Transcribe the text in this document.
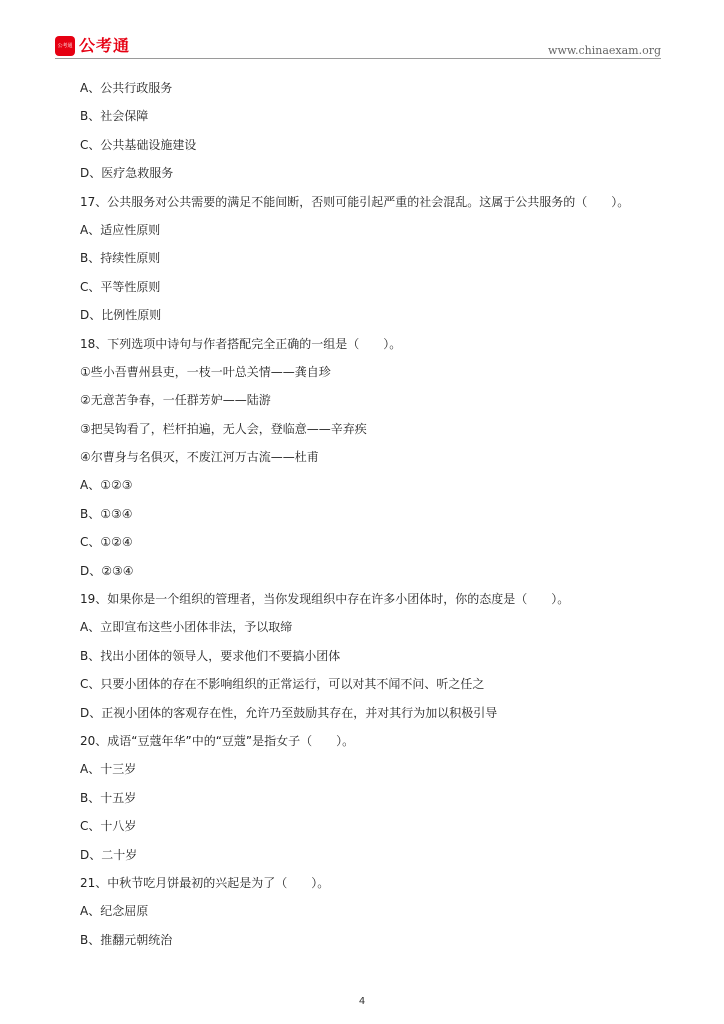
公考通 公考通	www.chinaexam.org
A、公共行政服务
B、社会保障
C、公共基础设施建设
D、医疗急救服务
17、公共服务对公共需要的满足不能间断，否则可能引起严重的社会混乱。这属于公共服务的（　　）。
A、适应性原则
B、持续性原则
C、平等性原则
D、比例性原则
18、下列选项中诗句与作者搭配完全正确的一组是（　　）。
①些小吾曹州县吏，一枝一叶总关情——龚自珍
②无意苦争春，一任群芳妒——陆游
③把吴钩看了，栏杆拍遍，无人会，登临意——辛弃疾
④尔曹身与名俱灭，不废江河万古流——杜甫
A、①②③
B、①③④
C、①②④
D、②③④
19、如果你是一个组织的管理者，当你发现组织中存在许多小团体时，你的态度是（　　）。
A、立即宣布这些小团体非法，予以取缔
B、找出小团体的领导人，要求他们不要搞小团体
C、只要小团体的存在不影响组织的正常运行，可以对其不闻不问、听之任之
D、正视小团体的客观存在性，允许乃至鼓励其存在，并对其行为加以积极引导
20、成语“豆蔻年华”中的“豆蔻”是指女子（　　）。
A、十三岁
B、十五岁
C、十八岁
D、二十岁
21、中秋节吃月饼最初的兴起是为了（　　）。
A、纪念屈原
B、推翻元朝统治
4
